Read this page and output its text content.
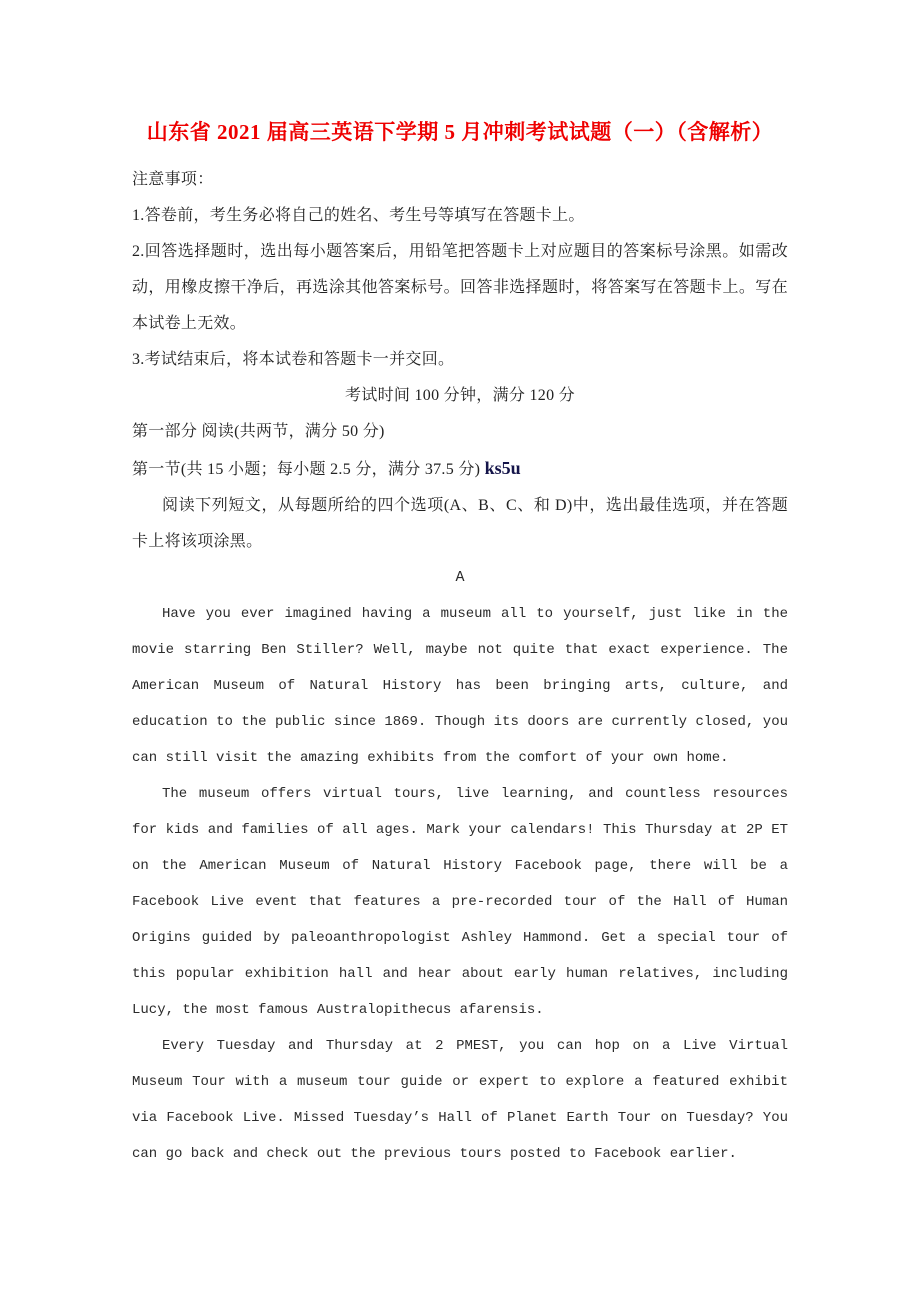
山东省 2021 届高三英语下学期 5 月冲刺考试试题（一）（含解析）

注意事项：

1.答卷前，考生务必将自己的姓名、考生号等填写在答题卡上。

2.回答选择题时，选出每小题答案后，用铅笔把答题卡上对应题目的答案标号涂黑。如需改动，用橡皮擦干净后，再选涂其他答案标号。回答非选择题时，将答案写在答题卡上。写在本试卷上无效。

3.考试结束后，将本试卷和答题卡一并交回。

考试时间 100 分钟，满分 120 分

第一部分 阅读(共两节，满分 50 分)

第一节(共 15 小题；每小题 2.5 分，满分 37.5 分) ks5u

阅读下列短文，从每题所给的四个选项(A、B、C、和 D)中，选出最佳选项，并在答题卡上将该项涂黑。

A

Have you ever imagined having a museum all to yourself, just like in the movie starring Ben Stiller? Well, maybe not quite that exact experience. The American Museum of Natural History has been bringing arts, culture, and education to the public since 1869. Though its doors are currently closed, you can still visit the amazing exhibits from the comfort of your own home.

The museum offers virtual tours, live learning, and countless resources for kids and families of all ages. Mark your calendars! This Thursday at 2P ET on the American Museum of Natural History Facebook page, there will be a Facebook Live event that features a pre-recorded tour of the Hall of Human Origins guided by paleoanthropologist Ashley Hammond. Get a special tour of this popular exhibition hall and hear about early human relatives, including Lucy, the most famous Australopithecus afarensis.

Every Tuesday and Thursday at 2 PMEST, you can hop on a Live Virtual Museum Tour with a museum tour guide or expert to explore a featured exhibit via Facebook Live. Missed Tuesday’s Hall of Planet Earth Tour on Tuesday? You can go back and check out the previous tours posted to Facebook earlier.
